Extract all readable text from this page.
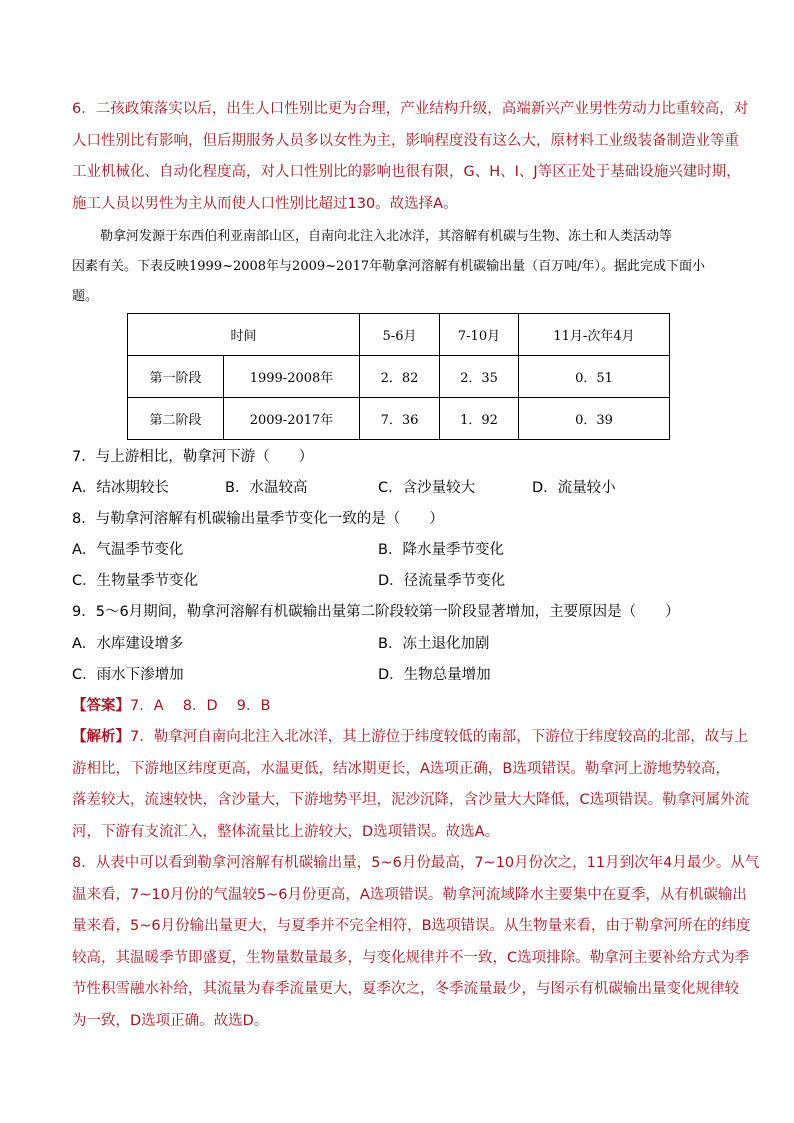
6．二孩政策落实以后，出生人口性别比更为合理，产业结构升级，高端新兴产业男性劳动力比重较高，对
人口性别比有影响，但后期服务人员多以女性为主，影响程度没有这么大，原材料工业级装备制造业等重
工业机械化、自动化程度高，对人口性别比的影响也很有限，G、H、I、J等区正处于基础设施兴建时期，
施工人员以男性为主从而使人口性别比超过130。故选择A。
勒拿河发源于东西伯利亚南部山区，自南向北注入北冰洋，其溶解有机碳与生物、冻土和人类活动等
因素有关。下表反映1999~2008年与2009~2017年勒拿河溶解有机碳输出量（百万吨/年）。据此完成下面小
题。
时间		5-6月	7-10月	11月-次年4月
第一阶段	1999-2008年	2．82	2．35	0．51
第二阶段	2009-2017年	7．36	1．92	0．39
7．与上游相比，勒拿河下游（　　）
A．结冰期较长	B．水温较高	C．含沙量较大	D．流量较小
8．与勒拿河溶解有机碳输出量季节变化一致的是（　　）
A．气温季节变化	B．降水量季节变化
C．生物量季节变化	D．径流量季节变化
9．5～6月期间，勒拿河溶解有机碳输出量第二阶段较第一阶段显著增加，主要原因是（　　）
A．水库建设增多	B．冻土退化加剧
C．雨水下渗增加	D．生物总量增加
【答案】7．A　 8．D　 9．B
【解析】7．勒拿河自南向北注入北冰洋，其上游位于纬度较低的南部，下游位于纬度较高的北部，故与上
游相比，下游地区纬度更高，水温更低，结冰期更长，A选项正确，B选项错误。勒拿河上游地势较高，
落差较大，流速较快，含沙量大，下游地势平坦，泥沙沉降，含沙量大大降低，C选项错误。勒拿河属外流
河，下游有支流汇入，整体流量比上游较大，D选项错误。故选A。
8．从表中可以看到勒拿河溶解有机碳输出量，5~6月份最高，7~10月份次之，11月到次年4月最少。从气
温来看，7~10月份的气温较5~6月份更高，A选项错误。勒拿河流域降水主要集中在夏季，从有机碳输出
量来看，5~6月份输出量更大，与夏季并不完全相符，B选项错误。从生物量来看，由于勒拿河所在的纬度
较高，其温暖季节即盛夏，生物量数量最多，与变化规律并不一致，C选项排除。勒拿河主要补给方式为季
节性积雪融水补给，其流量为春季流量更大，夏季次之，冬季流量最少，与图示有机碳输出量变化规律较
为一致，D选项正确。故选D。
